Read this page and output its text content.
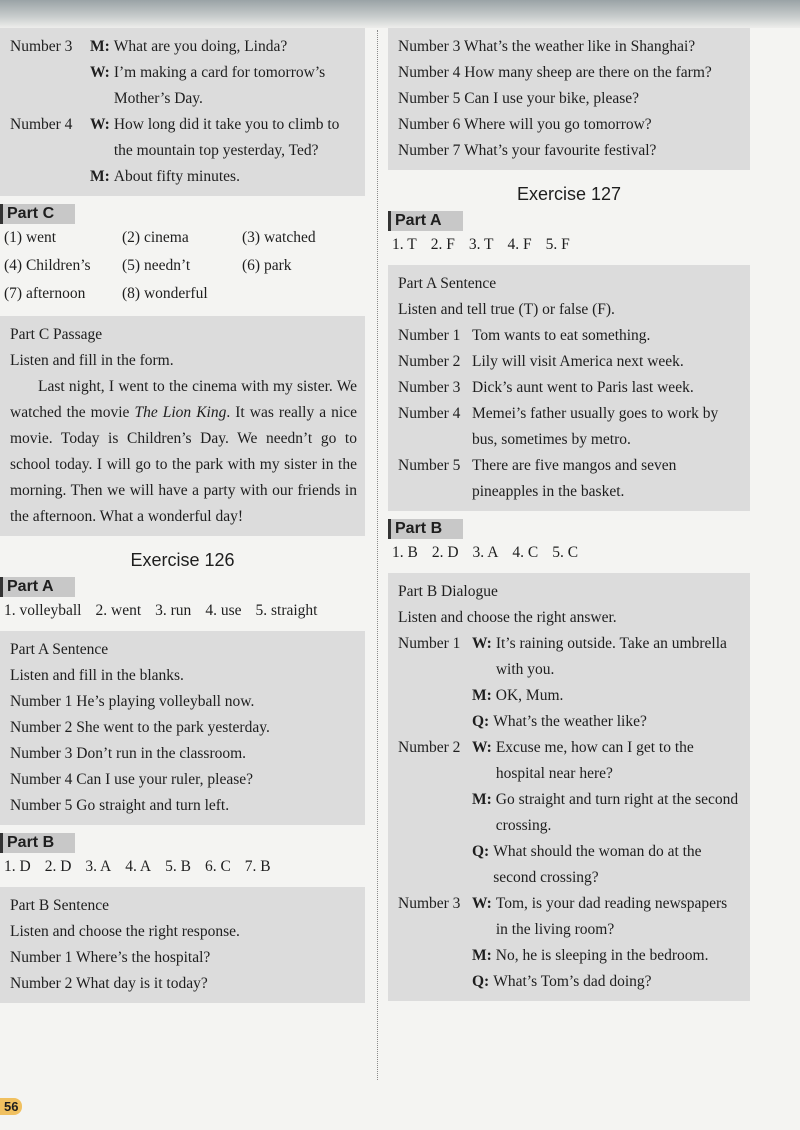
Number 3	M: What are you doing, Linda?
W: I’m making a card for tomorrow’s Mother’s Day.
Number 4	W: How long did it take you to climb to the mountain top yesterday, Ted?
M: About fifty minutes.
Part C
(1) went	(2) cinema	(3) watched
(4) Children’s	(5) needn’t	(6) park
(7) afternoon	(8) wonderful
Part C Passage
Listen and fill in the form.
Last night, I went to the cinema with my sister. We watched the movie The Lion King. It was really a nice movie. Today is Children’s Day. We needn’t go to school today. I will go to the park with my sister in the morning. Then we will have a party with our friends in the afternoon. What a wonderful day!
Exercise 126
Part A
1. volleyball 2. went 3. run 4. use 5. straight
Part A Sentence
Listen and fill in the blanks.
Number 1 He’s playing volleyball now.
Number 2 She went to the park yesterday.
Number 3 Don’t run in the classroom.
Number 4 Can I use your ruler, please?
Number 5 Go straight and turn left.
Part B
1. D 2. D 3. A 4. A 5. B 6. C 7. B
Part B Sentence
Listen and choose the right response.
Number 1 Where’s the hospital?
Number 2 What day is it today?
56
Number 3 What’s the weather like in Shanghai?
Number 4 How many sheep are there on the farm?
Number 5 Can I use your bike, please?
Number 6 Where will you go tomorrow?
Number 7 What’s your favourite festival?
Exercise 127
Part A
1. T 2. F 3. T 4. F 5. F
Part A Sentence
Listen and tell true (T) or false (F).
Number 1 Tom wants to eat something.
Number 2 Lily will visit America next week.
Number 3 Dick’s aunt went to Paris last week.
Number 4 Memei’s father usually goes to work by bus, sometimes by metro.
Number 5 There are five mangos and seven pineapples in the basket.
Part B
1. B 2. D 3. A 4. C 5. C
Part B Dialogue
Listen and choose the right answer.
Number 1 W: It’s raining outside. Take an umbrella with you.
M: OK, Mum.
Q: What’s the weather like?
Number 2 W: Excuse me, how can I get to the hospital near here?
M: Go straight and turn right at the second crossing.
Q: What should the woman do at the second crossing?
Number 3 W: Tom, is your dad reading newspapers in the living room?
M: No, he is sleeping in the bedroom.
Q: What’s Tom’s dad doing?
